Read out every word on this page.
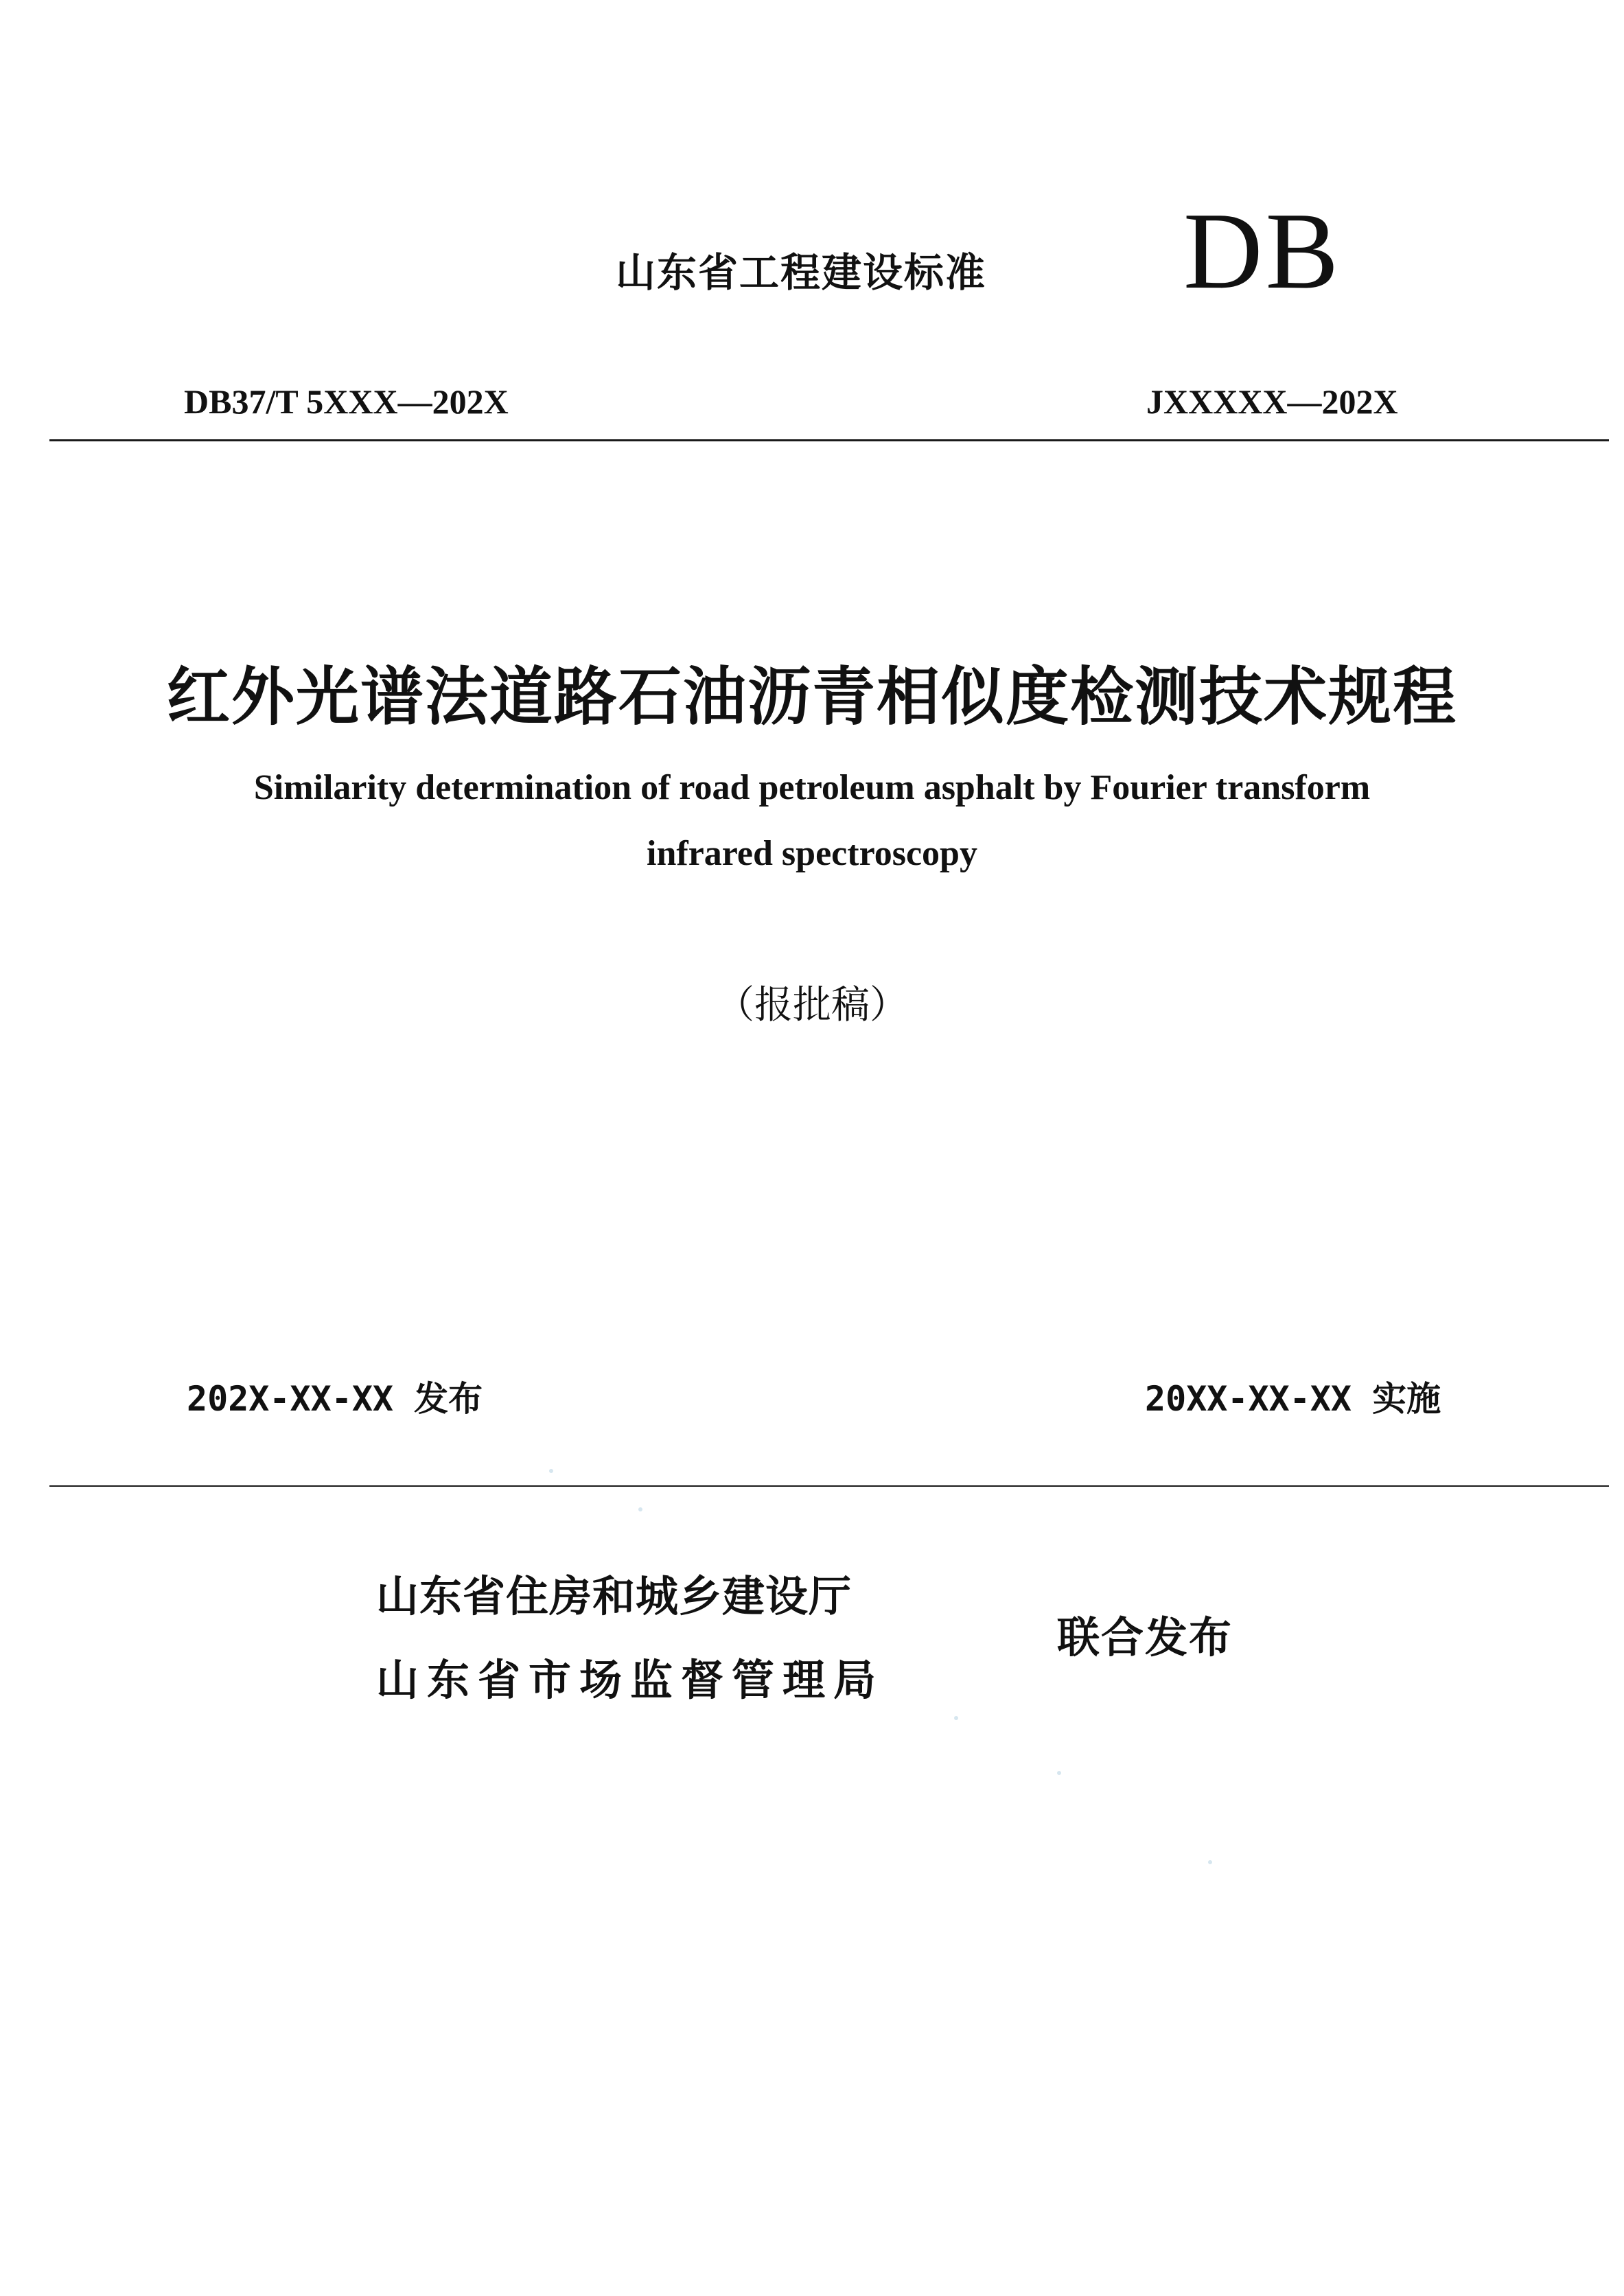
山东省工程建设标准 DB
DB37/T 5XXX—202X	JXXXXX—202X
红外光谱法道路石油沥青相似度检测技术规程
Similarity determination of road petroleum asphalt by Fourier transform
infrared spectroscopy
（报批稿）
202X-XX-XX 发布	20XX-XX-XX 实施
山东省住房和城乡建设厅
山东省市场监督管理局
联合发布
